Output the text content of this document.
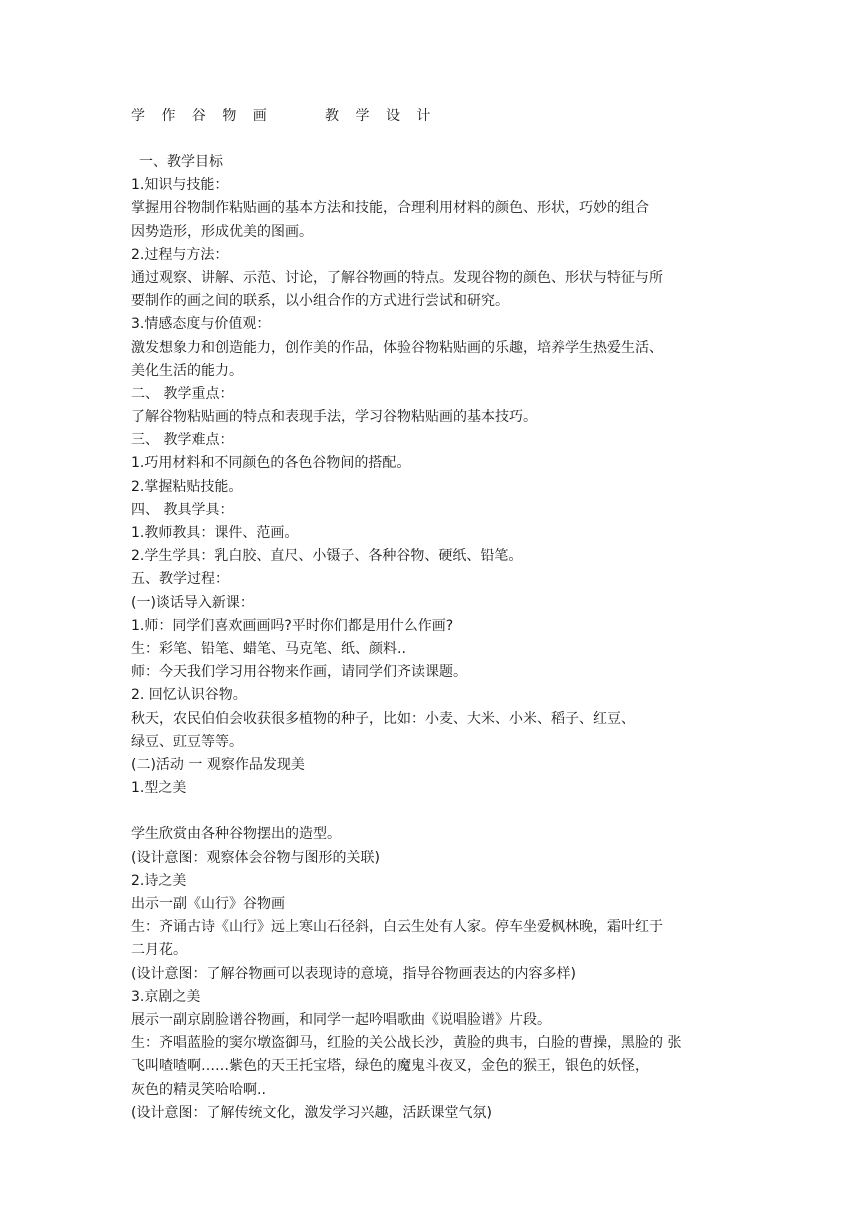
学 作 谷 物 画     教 学 设 计
一、教学目标
1.知识与技能：
掌握用谷物制作粘贴画的基本方法和技能，合理利用材料的颜色、形状，巧妙的组合
因势造形，形成优美的图画。
2.过程与方法：
通过观察、讲解、示范、讨论，了解谷物画的特点。发现谷物的颜色、形状与特征与所
要制作的画之间的联系，以小组合作的方式进行尝试和研究。
3.情感态度与价值观：
激发想象力和创造能力，创作美的作品，体验谷物粘贴画的乐趣，培养学生热爱生活、
美化生活的能力。
二、 教学重点：
了解谷物粘贴画的特点和表现手法，学习谷物粘贴画的基本技巧。
三、 教学难点：
1.巧用材料和不同颜色的各色谷物间的搭配。
2.掌握粘贴技能。
四、 教具学具：
1.教师教具：课件、范画。
2.学生学具：乳白胶、直尺、小镊子、各种谷物、硬纸、铅笔。
五、教学过程：
(一)谈话导入新课：
1.师：同学们喜欢画画吗?平时你们都是用什么作画?
生：彩笔、铅笔、蜡笔、马克笔、纸、颜料..
师：今天我们学习用谷物来作画，请同学们齐读课题。
2. 回忆认识谷物。
秋天，农民伯伯会收获很多植物的种子，比如：小麦、大米、小米、稻子、红豆、
绿豆、豇豆等等。
(二)活动 一 观察作品发现美
1.型之美
学生欣赏由各种谷物摆出的造型。
(设计意图：观察体会谷物与图形的关联)
2.诗之美
出示一副《山行》谷物画
生：齐诵古诗《山行》远上寒山石径斜，白云生处有人家。停车坐爱枫林晚，霜叶红于
二月花。
(设计意图：了解谷物画可以表现诗的意境，指导谷物画表达的内容多样)
3.京剧之美
展示一副京剧脸谱谷物画，和同学一起吟唱歌曲《说唱脸谱》片段。
生：齐唱蓝脸的窦尔墩盗御马，红脸的关公战长沙，黄脸的典韦，白脸的曹操，黑脸的 张
飞叫喳喳啊……紫色的天王托宝塔，绿色的魔鬼斗夜叉，金色的猴王，银色的妖怪，
灰色的精灵笑哈哈啊..
(设计意图：了解传统文化，激发学习兴趣，活跃课堂气氛)
